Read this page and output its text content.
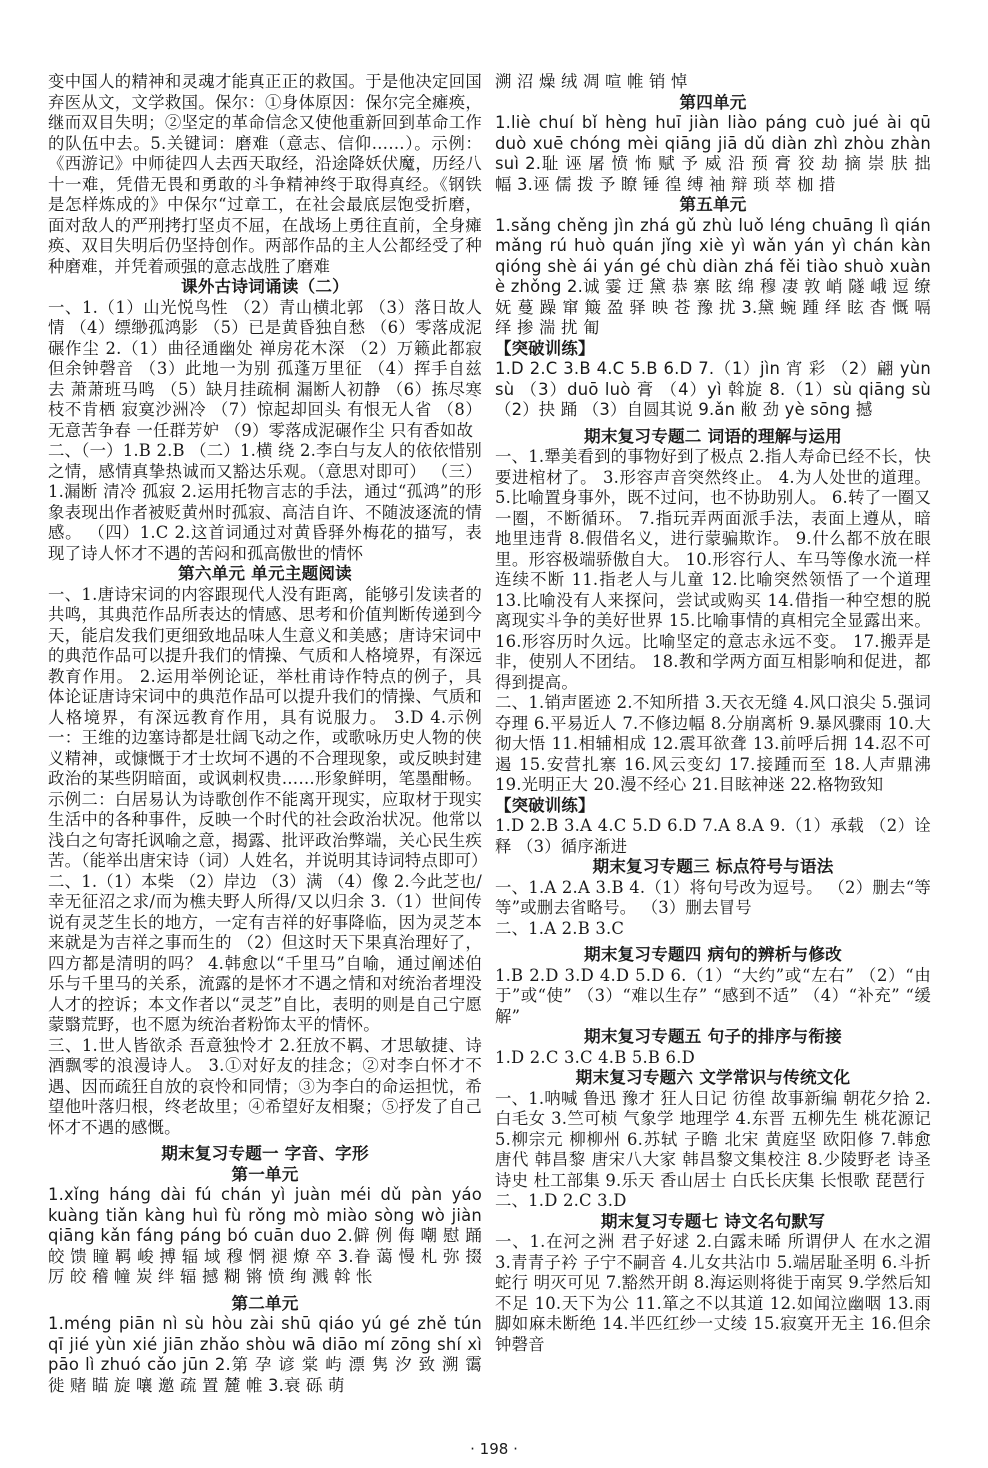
变中国人的精神和灵魂才能真正正的救国。于是他决定回国弃医从文，文学救国。保尔：①身体原因：保尔完全瘫痪，继而双目失明；②坚定的革命信念又使他重新回到革命工作的队伍中去。5.关键词：磨难（意志、信仰……）。示例：《西游记》中师徒四人去西天取经，沿途降妖伏魔，历经八十一难，凭借无畏和勇敢的斗争精神终于取得真经。《钢铁是怎样炼成的》中保尔“过章工，在社会最底层饱受折磨，面对敌人的严刑拷打坚贞不屈，在战场上勇往直前，全身瘫痪、双目失明后仍坚持创作。两部作品的主人公都经受了种种磨难，并凭着顽强的意志战胜了磨难

课外古诗词诵读（二）

一、1.（1）山光悦鸟性 （2）青山横北郭 （3）落日故人情 （4）缥缈孤鸿影 （5）已是黄昏独自愁 （6）零落成泥碾作尘 2.（1）曲径通幽处 禅房花木深 （2）万籁此都寂 但余钟磬音 （3）此地一为别 孤蓬万里征 （4）挥手自兹去 萧萧班马鸣 （5）缺月挂疏桐 漏断人初静 （6）拣尽寒枝不肯栖 寂寞沙洲冷 （7）惊起却回头 有恨无人省 （8）无意苦争春 一任群芳妒 （9）零落成泥碾作尘 只有香如故

二、（一）1.B 2.B （二）1.横 绕 2.李白与友人的依依惜别之情，感情真挚热诚而又豁达乐观。（意思对即可） （三）1.漏断 清冷 孤寂 2.运用托物言志的手法，通过“孤鸿”的形象表现出作者被贬黄州时孤寂、高洁自许、不随波逐流的情感。 （四）1.C 2.这首词通过对黄昏驿外梅花的描写，表现了诗人怀才不遇的苦闷和孤高傲世的情怀

第六单元 单元主题阅读

一、1.唐诗宋词的内容跟现代人没有距离，能够引发读者的共鸣，其典范作品所表达的情感、思考和价值判断传递到今天，能启发我们更细致地品味人生意义和美感；唐诗宋词中的典范作品可以提升我们的情操、气质和人格境界，有深远教育作用。 2.运用举例论证，举杜甫诗作特点的例子，具体论证唐诗宋词中的典范作品可以提升我们的情操、气质和人格境界，有深远教育作用，具有说服力。 3.D 4.示例一：王维的边塞诗都是壮阔飞动之作，或歌咏历史人物的侠义精神，或慷慨于才士坎坷不遇的不合理现象，或反映封建政治的某些阴暗面，或讽刺权贵……形象鲜明，笔墨酣畅。示例二：白居易认为诗歌创作不能离开现实，应取材于现实生活中的各种事件，反映一个时代的社会政治状况。他常以浅白之句寄托讽喻之意，揭露、批评政治弊端，关心民生疾苦。（能举出唐宋诗（词）人姓名，并说明其诗词特点即可）

二、1.（1）本柴 （2）岸边 （3）满 （4）像 2.今此芝也/幸无征沼之求/而为樵夫野人所得/又以归余 3.（1）世间传说有灵芝生长的地方，一定有吉祥的好事降临，因为灵芝本来就是为吉祥之事而生的 （2）但这时天下果真治理好了，四方都是清明的吗？ 4.韩愈以“千里马”自喻，通过阐述伯乐与千里马的关系，流露的是怀才不遇之情和对统治者埋没人才的控诉；本文作者以“灵芝”自比，表明的则是自己宁愿蒙翳荒野，也不愿为统治者粉饰太平的情怀。

三、1.世人皆欲杀 吾意独怜才 2.狂放不羁、才思敏捷、诗酒飘零的浪漫诗人。 3.①对好友的挂念；②对李白怀才不遇、因而疏狂自放的哀怜和同情；③为李白的命运担忧，希望他叶落归根，终老故里；④希望好友相聚；⑤抒发了自己怀才不遇的感慨。

期末复习专题一 字音、字形

第一单元

1.xǐng háng dài fú chán yì juàn méi dǔ pàn yáo kuàng tiǎn kàng huì fù rǒng mò miào sòng wò jiàn qiāng kǎn fáng páng bó cuān duo 2.僻 例 侮 嘲 慰 踊 皎 馈 瞳 羁 峻 搏 辐 域 穆 惘 褪 燎 卒 3.眷 蔼 慢 札 弥 掇 厉 皎 稽 幢 炭 绊 辐 撼 糊 锵 愤 绚 溅 斡 怅

第二单元

1.méng piān nì sù hòu zài shū qiáo yú gé zhě tún qī jié yùn xié jiān zhǎo shòu wā diāo mí zōng shí xì pāo lì zhuó cǎo jūn 2.第 孕 谚 棠 屿 漂 隽 汐 致 溯 霭 徙 赌 瞄 旋 嚷 邀 疏 置 麓 帷 3.衰 砾 萌

溯 沼 燥 绒 凋 喧 帷 销 悼

第四单元

1.liè chuí bǐ hèng huī jiàn liào páng cuò jué ài qū duò xuē chóng mèi qiāng jiā dǔ diàn zhì zhòu zhàn suì 2.耻 诬 屠 愤 怖 赋 予 威 沿 预 膏 狡 劫 摘 崇 肤 拙 幅 3.诬 儒 拨 予 瞭 锤 徨 缚 袖 辩 琐 萃 枷 措

第五单元

1.sǎng chěng jìn zhá gǔ zhù luǒ léng chuāng lì qián mǎng rú huò quán jǐng xiè yì wǎn yán yì chán kàn qióng shè ái yán gé chù diàn zhá fěi tiào shuò xuàn è zhǒng 2.诚 霎 迂 黛 恭 寨 眩 绵 穆 凄 敦 峭 隧 峨 逗 缭 妩 蔓 躁 窜 簸 盈 驿 映 苍 豫 扰 3.黛 蜿 踵 绎 眩 杳 慨 嗝 绎 掺 湍 扰 匍

【突破训练】

1.D 2.C 3.B 4.C 5.B 6.D 7.（1）jìn 宵 彩 （2）翩 yùn sù （3）duō luò 膏 （4）yì 斡旋 8.（1）sù qiāng sù （2）抉 踊 （3）自圆其说 9.ǎn 敝 劲 yè sōng 撼

期末复习专题二 词语的理解与运用

一、1.犟美看到的事物好到了极点 2.指人寿命已经不长，快要进棺材了。 3.形容声音突然终止。 4.为人处世的道理。 5.比喻置身事外，既不过问，也不协助别人。 6.转了一圈又一圈，不断循环。 7.指玩弄两面派手法，表面上遵从，暗地里违背 8.假借名义，进行蒙骗欺诈。 9.什么都不放在眼里。形容极端骄傲自大。 10.形容行人、车马等像水流一样连续不断 11.指老人与儿童 12.比喻突然领悟了一个道理 13.比喻没有人来探问，尝试或购买 14.借指一种空想的脱离现实斗争的美好世界 15.比喻事情的真相完全显露出来。 16.形容历时久远。比喻坚定的意志永远不变。 17.搬弄是非，使别人不团结。 18.教和学两方面互相影响和促进，都得到提高。

二、1.销声匿迹 2.不知所措 3.天衣无缝 4.风口浪尖 5.强词夺理 6.平易近人 7.不修边幅 8.分崩离析 9.暴风骤雨 10.大彻大悟 11.相辅相成 12.震耳欲聋 13.前呼后拥 14.忍不可遏 15.安营扎寨 16.风云变幻 17.接踵而至 18.人声鼎沸 19.光明正大 20.漫不经心 21.目眩神迷 22.格物致知

【突破训练】

1.D 2.B 3.A 4.C 5.D 6.D 7.A 8.A 9.（1）承载 （2）诠释 （3）循序渐进

期末复习专题三 标点符号与语法

一、1.A 2.A 3.B 4.（1）将句号改为逗号。 （2）删去“等等”或删去省略号。 （3）删去冒号

二、1.A 2.B 3.C

期末复习专题四 病句的辨析与修改

1.B 2.D 3.D 4.D 5.D 6.（1）“大约”或“左右” （2）“由于”或“使” （3）“难以生存” “感到不适” （4）“补充” “缓解”

期末复习专题五 句子的排序与衔接

1.D 2.C 3.C 4.B 5.B 6.D

期末复习专题六 文学常识与传统文化

一、1.呐喊 鲁迅 豫才 狂人日记 彷徨 故事新编 朝花夕拾 2.白毛女 3.竺可桢 气象学 地理学 4.东晋 五柳先生 桃花源记 5.柳宗元 柳柳州 6.苏轼 子瞻 北宋 黄庭坚 欧阳修 7.韩愈 唐代 韩昌黎 唐宋八大家 韩昌黎文集校注 8.少陵野老 诗圣 诗史 杜工部集 9.乐天 香山居士 白氏长庆集 长恨歌 琵琶行

二、1.D 2.C 3.D

期末复习专题七 诗文名句默写

一、1.在河之洲 君子好逑 2.白露未晞 所谓伊人 在水之湄 3.青青子衿 子宁不嗣音 4.儿女共沾巾 5.端居耻圣明 6.斗折蛇行 明灭可见 7.豁然开朗 8.海运则将徙于南冥 9.学然后知不足 10.天下为公 11.箪之不以其道 12.如闻泣幽咽 13.雨脚如麻未断绝 14.半匹红纱一丈绫 15.寂寞开无主 16.但余钟磬音

· 198 ·
